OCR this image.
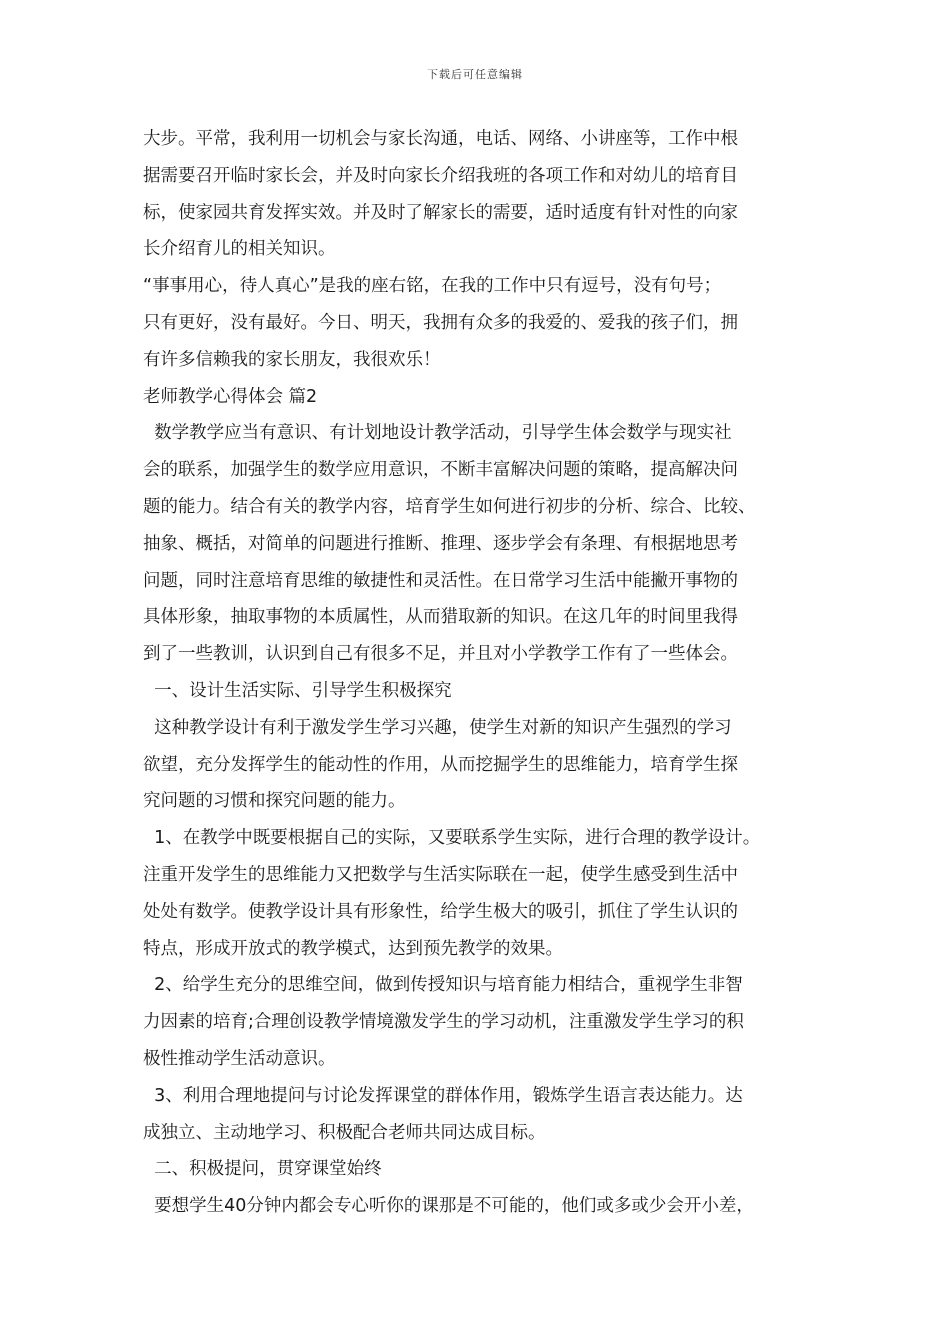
下载后可任意编辑
大步。平常，我利用一切机会与家长沟通，电话、网络、小讲座等，工作中根
据需要召开临时家长会，并及时向家长介绍我班的各项工作和对幼儿的培育目
标，使家园共育发挥实效。并及时了解家长的需要，适时适度有针对性的向家
长介绍育儿的相关知识。
“事事用心，待人真心”是我的座右铭，在我的工作中只有逗号，没有句号；
只有更好，没有最好。今日、明天，我拥有众多的我爱的、爱我的孩子们，拥
有许多信赖我的家长朋友，我很欢乐！
老师教学心得体会 篇2
数学教学应当有意识、有计划地设计教学活动，引导学生体会数学与现实社
会的联系，加强学生的数学应用意识，不断丰富解决问题的策略，提高解决问
题的能力。结合有关的教学内容，培育学生如何进行初步的分析、综合、比较、
抽象、概括，对简单的问题进行推断、推理、逐步学会有条理、有根据地思考
问题，同时注意培育思维的敏捷性和灵活性。在日常学习生活中能撇开事物的
具体形象，抽取事物的本质属性，从而猎取新的知识。在这几年的时间里我得
到了一些教训，认识到自己有很多不足，并且对小学教学工作有了一些体会。
一、设计生活实际、引导学生积极探究
这种教学设计有利于激发学生学习兴趣，使学生对新的知识产生强烈的学习
欲望，充分发挥学生的能动性的作用，从而挖掘学生的思维能力，培育学生探
究问题的习惯和探究问题的能力。
1、在教学中既要根据自己的实际，又要联系学生实际，进行合理的教学设计。
注重开发学生的思维能力又把数学与生活实际联在一起，使学生感受到生活中
处处有数学。使教学设计具有形象性，给学生极大的吸引，抓住了学生认识的
特点，形成开放式的教学模式，达到预先教学的效果。
2、给学生充分的思维空间，做到传授知识与培育能力相结合，重视学生非智
力因素的培育;合理创设教学情境激发学生的学习动机，注重激发学生学习的积
极性推动学生活动意识。
3、利用合理地提问与讨论发挥课堂的群体作用，锻炼学生语言表达能力。达
成独立、主动地学习、积极配合老师共同达成目标。
二、积极提问，贯穿课堂始终
要想学生40分钟内都会专心听你的课那是不可能的，他们或多或少会开小差，
